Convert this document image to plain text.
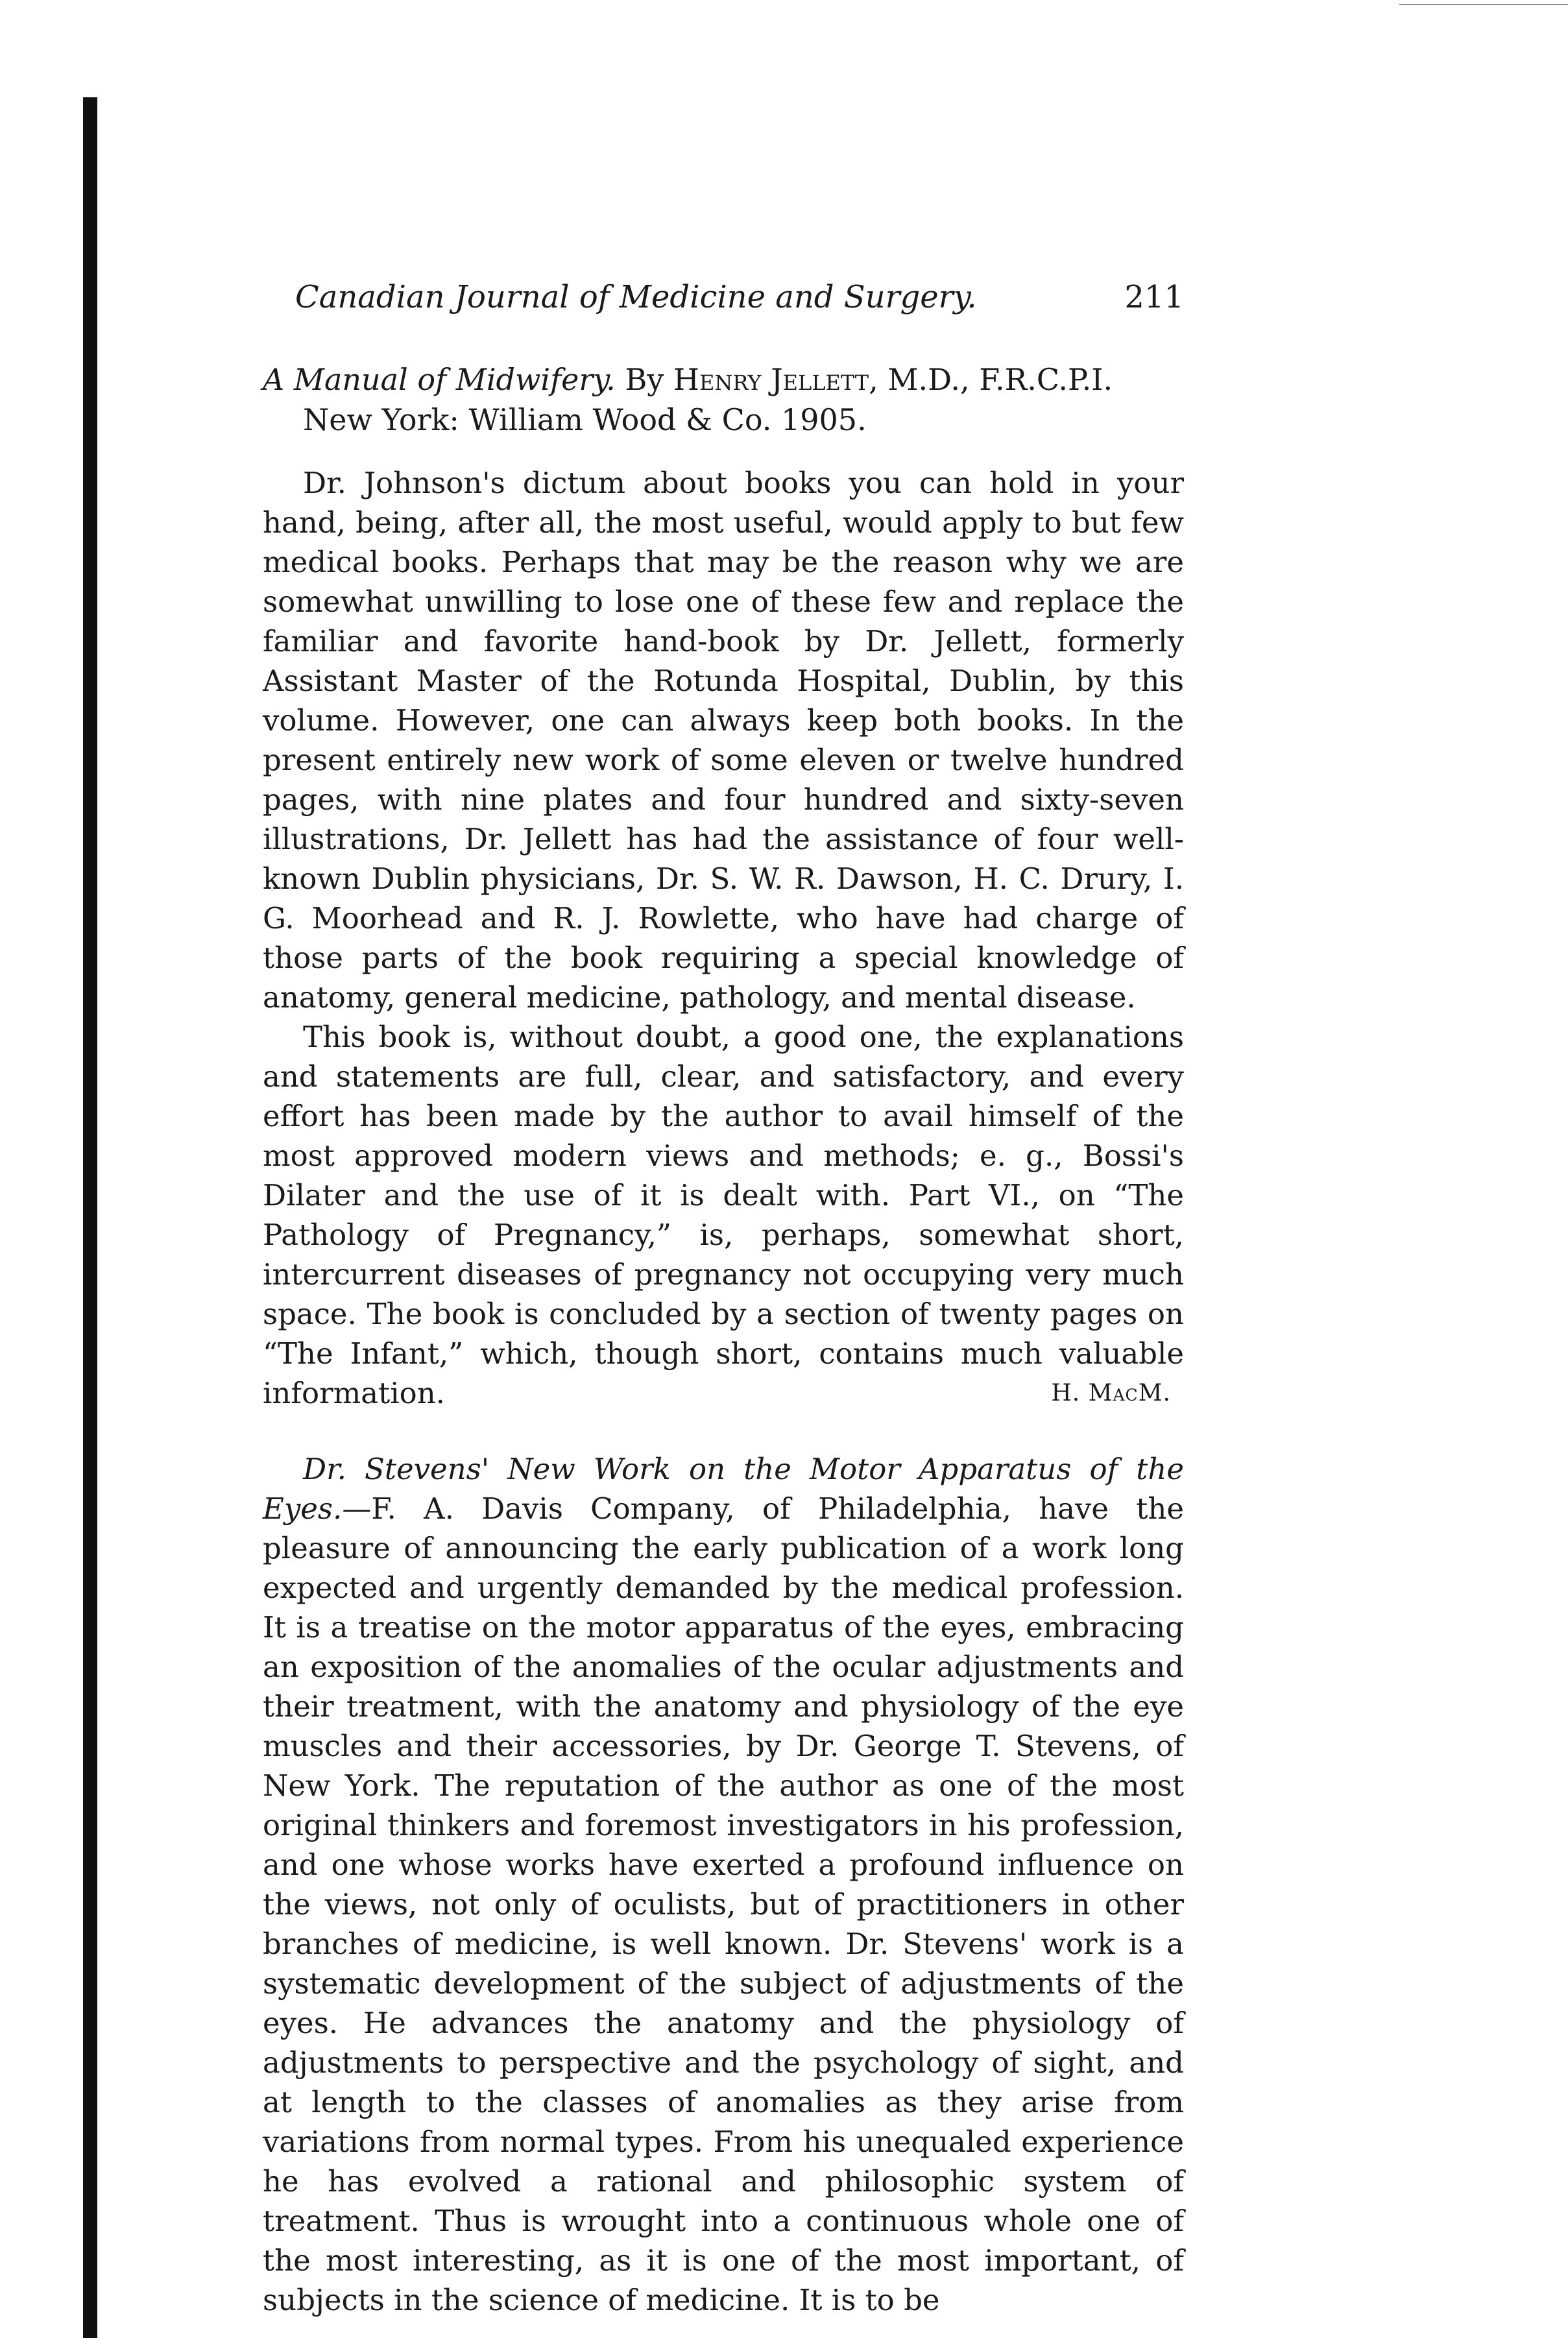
Canadian Journal of Medicine and Surgery.	211
A Manual of Midwifery. By Henry Jellett, M.D., F.R.C.P.I.
New York: William Wood & Co. 1905.

Dr. Johnson's dictum about books you can hold in your hand, being, after all, the most useful, would apply to but few medical books. Perhaps that may be the reason why we are somewhat unwilling to lose one of these few and replace the familiar and favorite hand-book by Dr. Jellett, formerly Assistant Master of the Rotunda Hospital, Dublin, by this volume. However, one can always keep both books. In the present entirely new work of some eleven or twelve hundred pages, with nine plates and four hundred and sixty-seven illustrations, Dr. Jellett has had the assistance of four well-known Dublin physicians, Dr. S. W. R. Dawson, H. C. Drury, I. G. Moorhead and R. J. Rowlette, who have had charge of those parts of the book requiring a special knowledge of anatomy, general medicine, pathology, and mental disease.

This book is, without doubt, a good one, the explanations and statements are full, clear, and satisfactory, and every effort has been made by the author to avail himself of the most approved modern views and methods; e. g., Bossi's Dilater and the use of it is dealt with. Part VI., on “The Pathology of Pregnancy,” is, perhaps, somewhat short, intercurrent diseases of pregnancy not occupying very much space. The book is concluded by a section of twenty pages on “The Infant,” which, though short, contains much valuable information.	H. MacM.

Dr. Stevens' New Work on the Motor Apparatus of the Eyes.—F. A. Davis Company, of Philadelphia, have the pleasure of announcing the early publication of a work long expected and urgently demanded by the medical profession. It is a treatise on the motor apparatus of the eyes, embracing an exposition of the anomalies of the ocular adjustments and their treatment, with the anatomy and physiology of the eye muscles and their accessories, by Dr. George T. Stevens, of New York. The reputation of the author as one of the most original thinkers and foremost investigators in his profession, and one whose works have exerted a profound influence on the views, not only of oculists, but of practitioners in other branches of medicine, is well known. Dr. Stevens' work is a systematic development of the subject of adjustments of the eyes. He advances the anatomy and the physiology of adjustments to perspective and the psychology of sight, and at length to the classes of anomalies as they arise from variations from normal types. From his unequaled experience he has evolved a rational and philosophic system of treatment. Thus is wrought into a continuous whole one of the most interesting, as it is one of the most important, of subjects in the science of medicine. It is to be
